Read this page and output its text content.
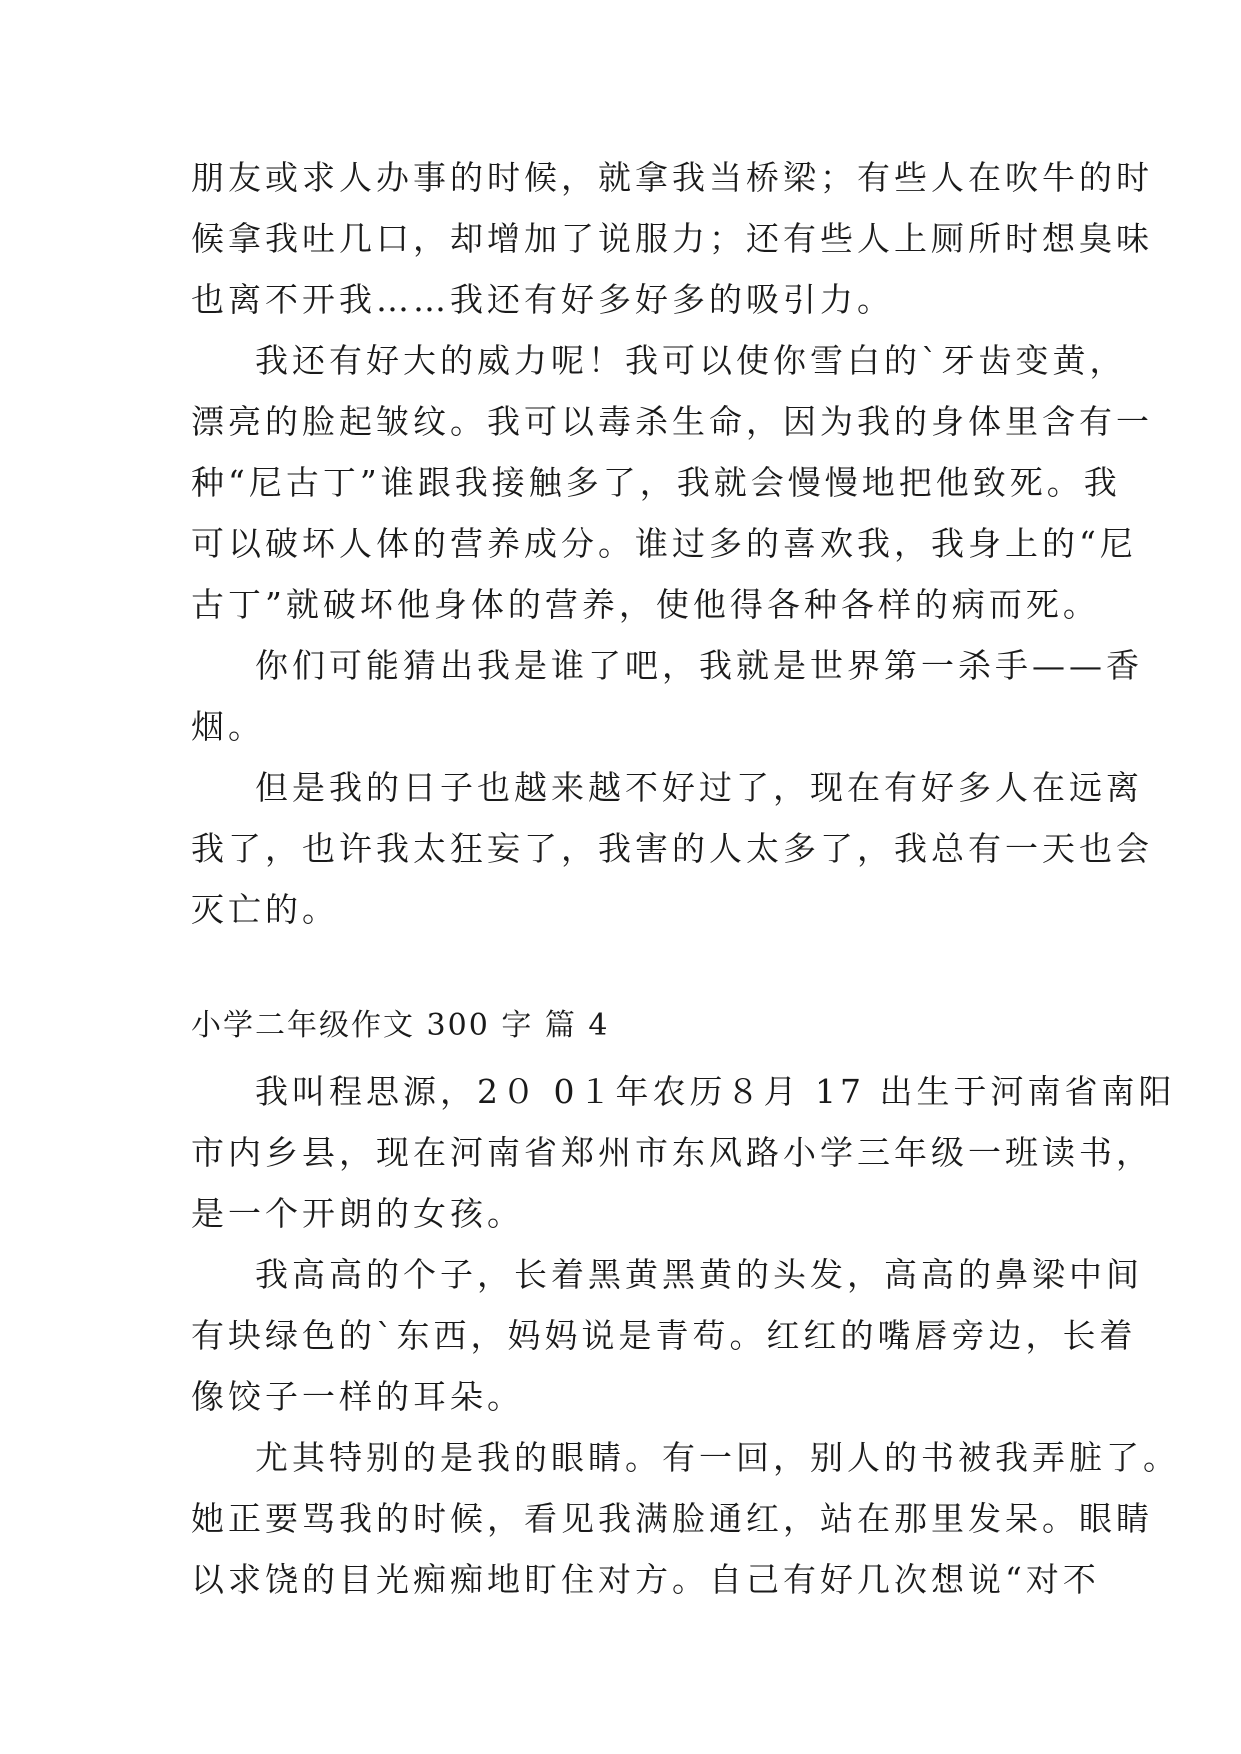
朋友或求人办事的时候，就拿我当桥梁；有些人在吹牛的时
候拿我吐几口，却增加了说服力；还有些人上厕所时想臭味
也离不开我……我还有好多好多的吸引力。
我还有好大的威力呢！我可以使你雪白的`牙齿变黄，
漂亮的脸起皱纹。我可以毒杀生命，因为我的身体里含有一
种“尼古丁”谁跟我接触多了，我就会慢慢地把他致死。我
可以破坏人体的营养成分。谁过多的喜欢我，我身上的“尼
古丁”就破坏他身体的营养，使他得各种各样的病而死。
你们可能猜出我是谁了吧，我就是世界第一杀手——香
烟。
但是我的日子也越来越不好过了，现在有好多人在远离
我了，也许我太狂妄了，我害的人太多了，我总有一天也会
灭亡的。
小学二年级作文 300 字 篇 4
我叫程思源，2０ 0１年农历８月 17 出生于河南省南阳
市内乡县，现在河南省郑州市东风路小学三年级一班读书，
是一个开朗的女孩。
我高高的个子，长着黑黄黑黄的头发，高高的鼻梁中间
有块绿色的`东西，妈妈说是青苟。红红的嘴唇旁边，长着
像饺子一样的耳朵。
尤其特别的是我的眼睛。有一回，别人的书被我弄脏了。
她正要骂我的时候，看见我满脸通红，站在那里发呆。眼睛
以求饶的目光痴痴地盯住对方。自己有好几次想说“对不
